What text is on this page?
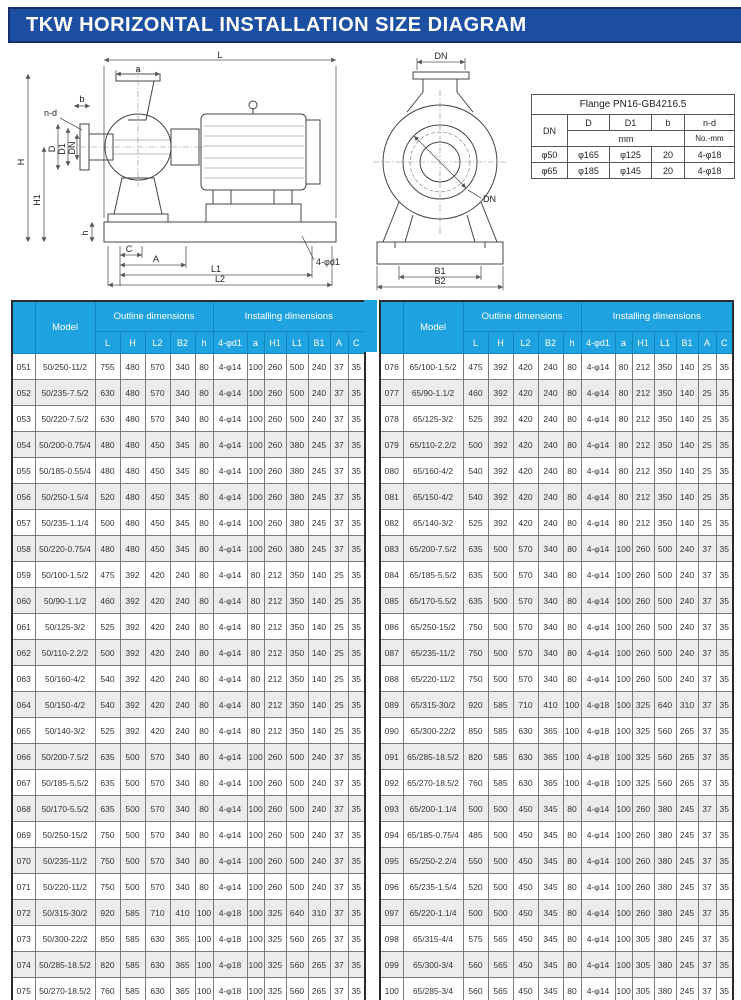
TKW HORIZONTAL INSTALLATION SIZE DIAGRAM
L
a
b
n-d
H
H1
D D1 DN
h
C
A
L1
L2
4-φd1
DN
DN
B1
B2
Flange PN16-GB4216.5				
DN	D	D1	b	n-d
	mm			No.-mm
φ50	φ165	φ125	20	4-φ18
φ65	φ185	φ145	20	4-φ18
	Model	Outline dimensions					Installing dimensions						
		L	H	L2	B2	h	4-φd1	a	H1	L1	B1	A	C
051	50/250-11/2	755	480	570	340	80	4-φ14	100	260	500	240	37	35
052	50/235-7.5/2	630	480	570	340	80	4-φ14	100	260	500	240	37	35
053	50/220-7.5/2	630	480	570	340	80	4-φ14	100	260	500	240	37	35
054	50/200-0.75/4	480	480	450	345	80	4-φ14	100	260	380	245	37	35
055	50/185-0.55/4	480	480	450	345	80	4-φ14	100	260	380	245	37	35
056	50/250-1.5/4	520	480	450	345	80	4-φ14	100	260	380	245	37	35
057	50/235-1.1/4	500	480	450	345	80	4-φ14	100	260	380	245	37	35
058	50/220-0.75/4	480	480	450	345	80	4-φ14	100	260	380	245	37	35
059	50/100-1.5/2	475	392	420	240	80	4-φ14	80	212	350	140	25	35
060	50/90-1.1/2	460	392	420	240	80	4-φ14	80	212	350	140	25	35
061	50/125-3/2	525	392	420	240	80	4-φ14	80	212	350	140	25	35
062	50/110-2.2/2	500	392	420	240	80	4-φ14	80	212	350	140	25	35
063	50/160-4/2	540	392	420	240	80	4-φ14	80	212	350	140	25	35
064	50/150-4/2	540	392	420	240	80	4-φ14	80	212	350	140	25	35
065	50/140-3/2	525	392	420	240	80	4-φ14	80	212	350	140	25	35
066	50/200-7.5/2	635	500	570	340	80	4-φ14	100	260	500	240	37	35
067	50/185-5.5/2	635	500	570	340	80	4-φ14	100	260	500	240	37	35
068	50/170-5.5/2	635	500	570	340	80	4-φ14	100	260	500	240	37	35
069	50/250-15/2	750	500	570	340	80	4-φ14	100	260	500	240	37	35
070	50/235-11/2	750	500	570	340	80	4-φ14	100	260	500	240	37	35
071	50/220-11/2	750	500	570	340	80	4-φ14	100	260	500	240	37	35
072	50/315-30/2	920	585	710	410	100	4-φ18	100	325	640	310	37	35
073	50/300-22/2	850	585	630	365	100	4-φ18	100	325	560	265	37	35
074	50/285-18.5/2	820	585	630	365	100	4-φ18	100	325	560	265	37	35
075	50/270-18.5/2	760	585	630	365	100	4-φ18	100	325	560	265	37	35
	Model	Outline dimensions					Installing dimensions						
		L	H	L2	B2	h	4-φd1	a	H1	L1	B1	A	C
076	65/100-1.5/2	475	392	420	240	80	4-φ14	80	212	350	140	25	35
077	65/90-1.1/2	460	392	420	240	80	4-φ14	80	212	350	140	25	35
078	65/125-3/2	525	392	420	240	80	4-φ14	80	212	350	140	25	35
079	65/110-2.2/2	500	392	420	240	80	4-φ14	80	212	350	140	25	35
080	65/160-4/2	540	392	420	240	80	4-φ14	80	212	350	140	25	35
081	65/150-4/2	540	392	420	240	80	4-φ14	80	212	350	140	25	35
082	65/140-3/2	525	392	420	240	80	4-φ14	80	212	350	140	25	35
083	65/200-7.5/2	635	500	570	340	80	4-φ14	100	260	500	240	37	35
084	65/185-5.5/2	635	500	570	340	80	4-φ14	100	260	500	240	37	35
085	65/170-5.5/2	635	500	570	340	80	4-φ14	100	260	500	240	37	35
086	65/250-15/2	750	500	570	340	80	4-φ14	100	260	500	240	37	35
087	65/235-11/2	750	500	570	340	80	4-φ14	100	260	500	240	37	35
088	65/220-11/2	750	500	570	340	80	4-φ14	100	260	500	240	37	35
089	65/315-30/2	920	585	710	410	100	4-φ18	100	325	640	310	37	35
090	65/300-22/2	850	585	630	365	100	4-φ18	100	325	560	265	37	35
091	65/285-18.5/2	820	585	630	365	100	4-φ18	100	325	560	265	37	35
092	65/270-18.5/2	760	585	630	365	100	4-φ18	100	325	560	265	37	35
093	65/200-1.1/4	500	500	450	345	80	4-φ14	100	260	380	245	37	35
094	65/185-0.75/4	485	500	450	345	80	4-φ14	100	260	380	245	37	35
095	65/250-2.2/4	550	500	450	345	80	4-φ14	100	260	380	245	37	35
096	65/235-1.5/4	520	500	450	345	80	4-φ14	100	260	380	245	37	35
097	65/220-1.1/4	500	500	450	345	80	4-φ14	100	260	380	245	37	35
098	65/315-4/4	575	565	450	345	80	4-φ14	100	305	380	245	37	35
099	65/300-3/4	560	565	450	345	80	4-φ14	100	305	380	245	37	35
100	65/285-3/4	560	565	450	345	80	4-φ14	100	305	380	245	37	35
